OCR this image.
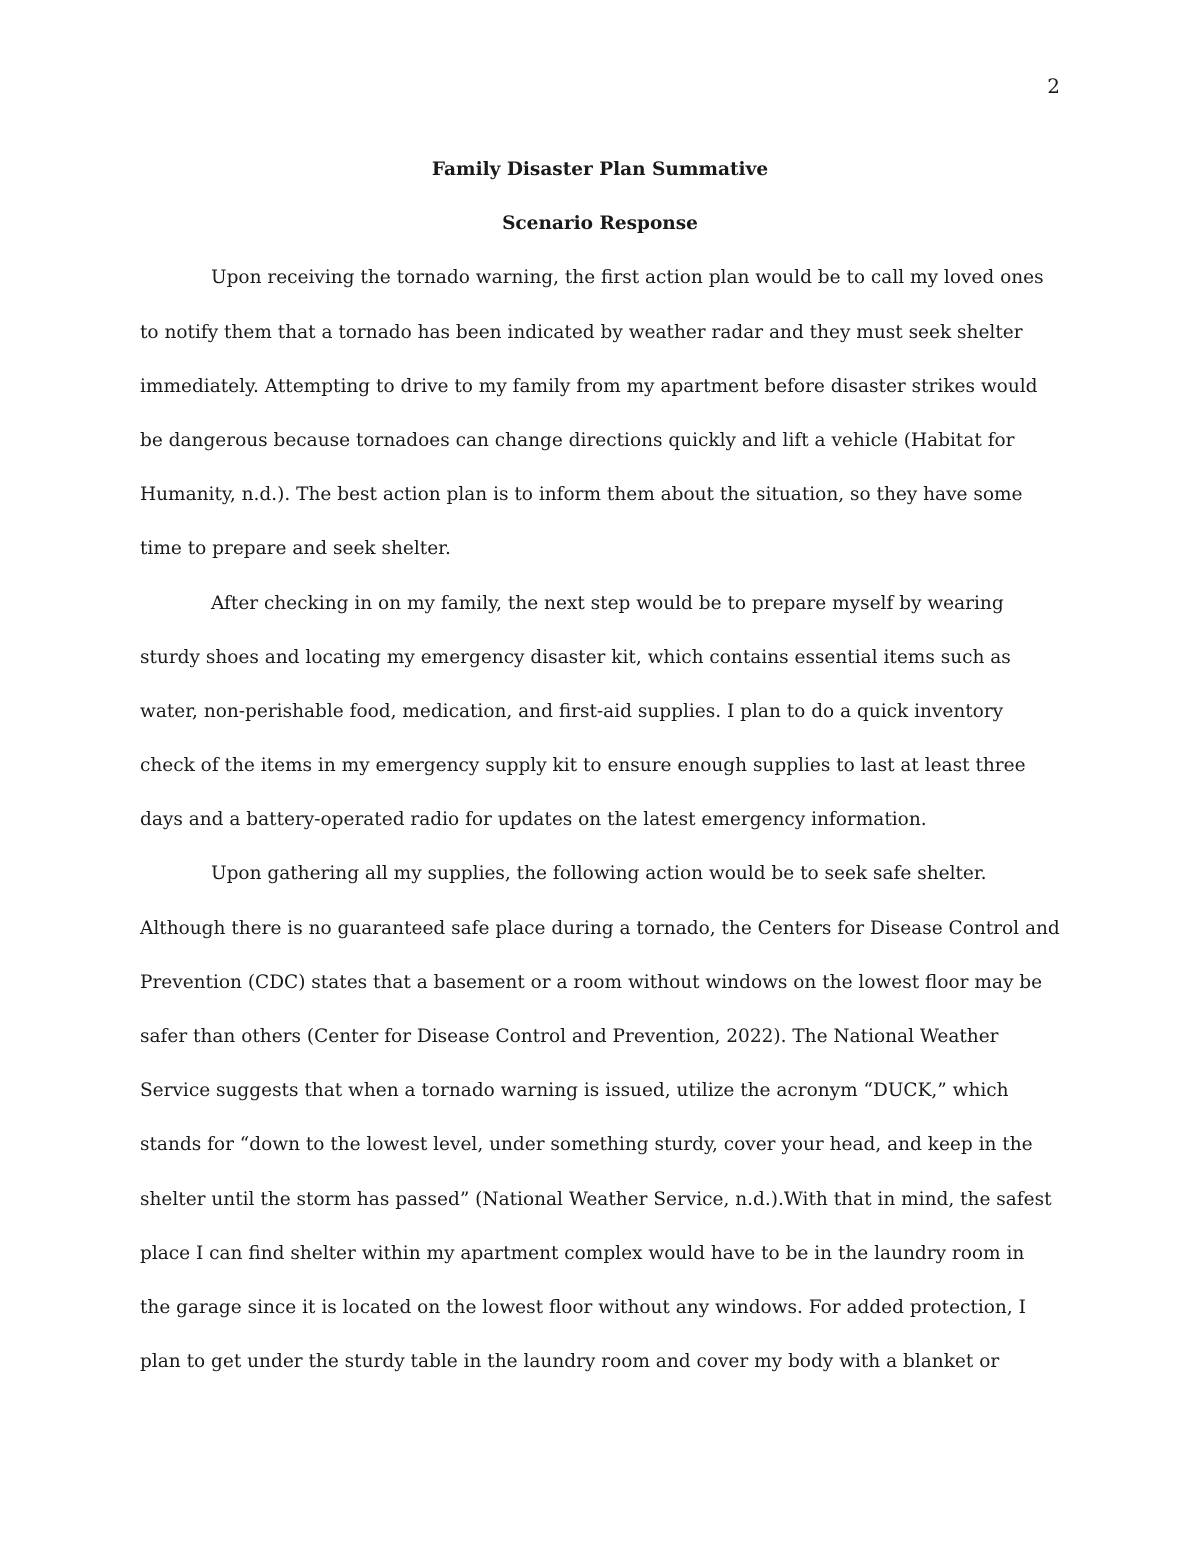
2
Family Disaster Plan Summative
Scenario Response
Upon receiving the tornado warning, the first action plan would be to call my loved ones
to notify them that a tornado has been indicated by weather radar and they must seek shelter
immediately. Attempting to drive to my family from my apartment before disaster strikes would
be dangerous because tornadoes can change directions quickly and lift a vehicle (Habitat for
Humanity, n.d.). The best action plan is to inform them about the situation, so they have some
time to prepare and seek shelter.
After checking in on my family, the next step would be to prepare myself by wearing
sturdy shoes and locating my emergency disaster kit, which contains essential items such as
water, non-perishable food, medication, and first-aid supplies. I plan to do a quick inventory
check of the items in my emergency supply kit to ensure enough supplies to last at least three
days and a battery-operated radio for updates on the latest emergency information.
Upon gathering all my supplies, the following action would be to seek safe shelter.
Although there is no guaranteed safe place during a tornado, the Centers for Disease Control and
Prevention (CDC) states that a basement or a room without windows on the lowest floor may be
safer than others (Center for Disease Control and Prevention, 2022). The National Weather
Service suggests that when a tornado warning is issued, utilize the acronym “DUCK,” which
stands for “down to the lowest level, under something sturdy, cover your head, and keep in the
shelter until the storm has passed” (National Weather Service, n.d.).With that in mind, the safest
place I can find shelter within my apartment complex would have to be in the laundry room in
the garage since it is located on the lowest floor without any windows. For added protection, I
plan to get under the sturdy table in the laundry room and cover my body with a blanket or
